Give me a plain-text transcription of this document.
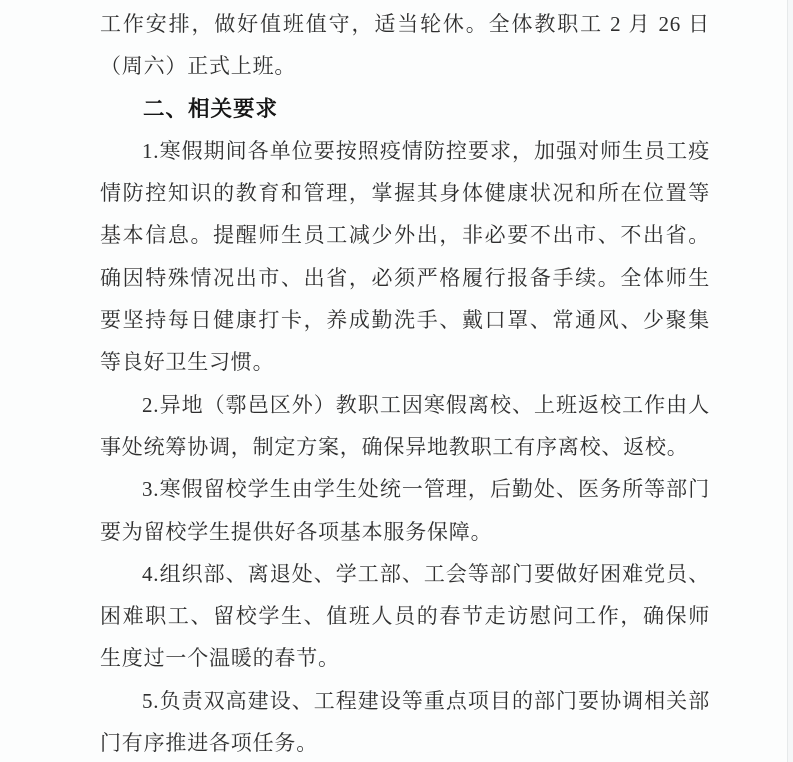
工作安排，做好值班值守，适当轮休。全体教职工 2 月 26 日（周六）正式上班。

二、相关要求

1.寒假期间各单位要按照疫情防控要求，加强对师生员工疫情防控知识的教育和管理，掌握其身体健康状况和所在位置等基本信息。提醒师生员工减少外出，非必要不出市、不出省。确因特殊情况出市、出省，必须严格履行报备手续。全体师生要坚持每日健康打卡，养成勤洗手、戴口罩、常通风、少聚集等良好卫生习惯。

2.异地（鄠邑区外）教职工因寒假离校、上班返校工作由人事处统筹协调，制定方案，确保异地教职工有序离校、返校。

3.寒假留校学生由学生处统一管理，后勤处、医务所等部门要为留校学生提供好各项基本服务保障。

4.组织部、离退处、学工部、工会等部门要做好困难党员、困难职工、留校学生、值班人员的春节走访慰问工作，确保师生度过一个温暖的春节。

5.负责双高建设、工程建设等重点项目的部门要协调相关部门有序推进各项任务。
